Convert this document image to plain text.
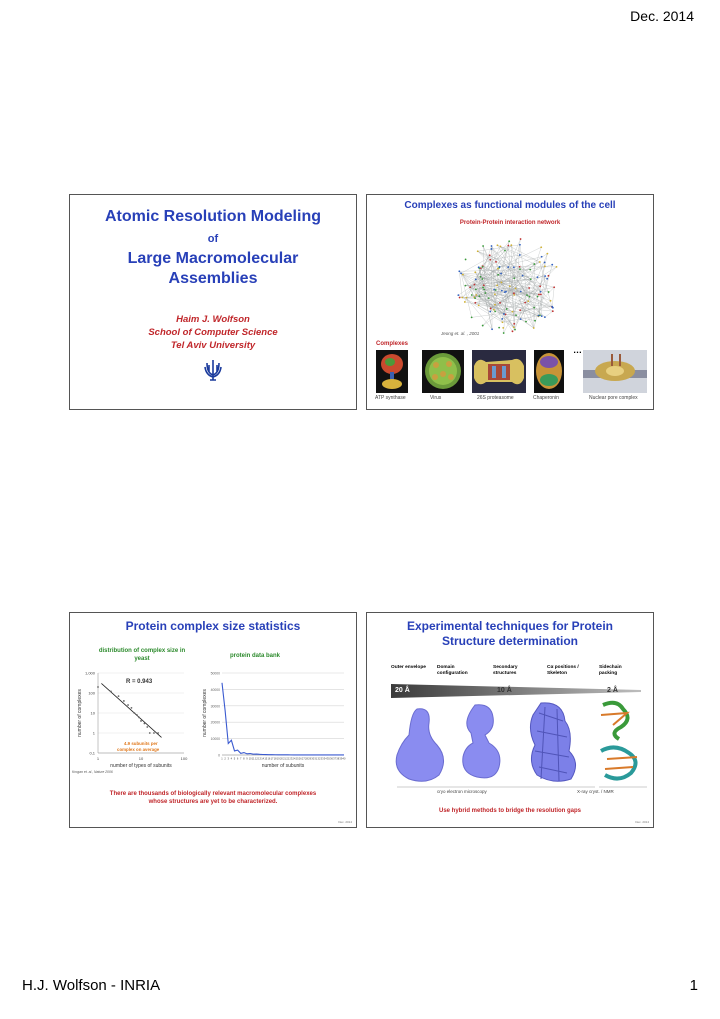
Dec. 2014
Atomic Resolution Modeling
of
Large Macromolecular
Assemblies
Haim J. Wolfson
School of Computer Science
Tel Aviv University
Complexes as functional modules of the cell
Protein-Protein interaction network
Jeong et. al. , 2001
Complexes
…
ATP synthase	Virus	26S proteasome	Chaperonin	Nuclear pore complex
Protein complex size statistics
distribution of complex size in yeast	protein data bank
1,000
100
10
1
0,1
1	10	100
R = 0.943
4.9 subunits per
complex on average
number of types of subunits
number of complexes
Krogan et. al., Nature 2006
0
10000
20000
30000
40000
50000
1 2 3 4 5 6 7 8 9 10 11 12 13 14 15 16 17 18 19 20 21 22 23 24 25 26 27 28 29 30 31 32 33 34 35 36 37 38 39 40
number of subunits
number of complexes
There are thousands of biologically relevant macromolecular complexes
whose structures are yet to be characterized.
Dec. 2014
Experimental techniques for Protein
Structure determination
Outer envelope Domain configuration
Secondary structures
Cα positions / Skeleton
Sidechain packing
20 Å	10 Å	2 Å
cryo electron microscopy	X-ray cryst. / NMR
Use hybrid methods to bridge the resolution gaps
Dec. 2014
H.J. Wolfson - INRIA	1
